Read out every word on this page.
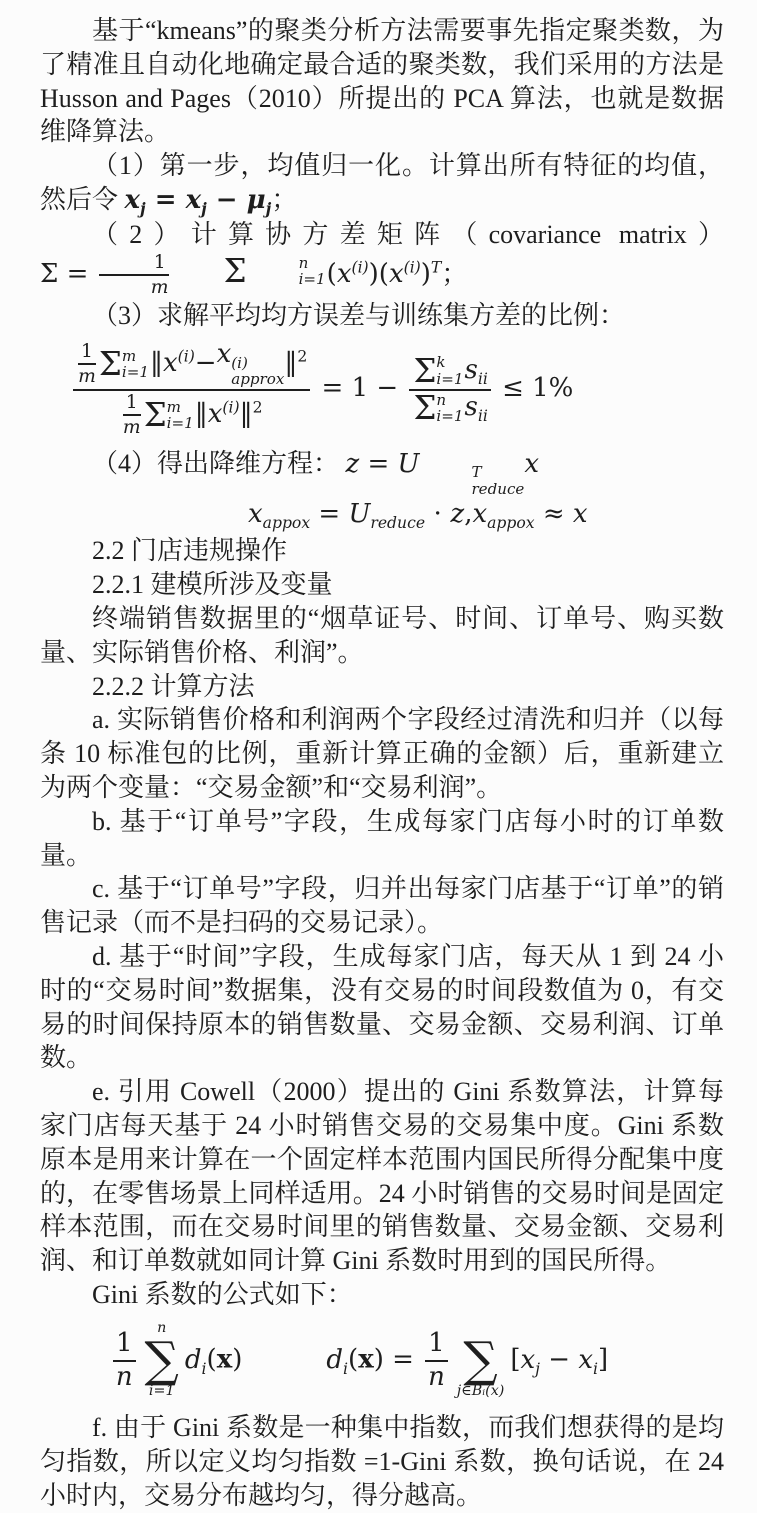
基于“kmeans”的聚类分析方法需要事先指定聚类数，为了精准且自动化地确定最合适的聚类数，我们采用的方法是 Husson and Pages（2010）所提出的 PCA 算法，也就是数据维降算法。

（1）第一步，均值归一化。计算出所有特征的均值，然后令 $x_j = x_j - \mu_j$；

（2）计算协方差矩阵（covariance matrix）Σ = $\frac{1}{m}$	Σ	n
i=1 $(x^{(i)})(x^{(i)})^T$；

（3）求解平均均方误差与训练集方差的比例：

$\frac{1}{m}$ Σ m
i=1 ‖ $x^{(i)} - x$ (i)
approx
‖$^2$
$\frac{1}{m}$ Σ m
i=1 ‖ $x^{(i)}$ ‖$^2$ = 1 − Σ k
i=1 $s_{ii}$
Σ n
i=1 $s_{ii} \le 1\%$

（4）得出降维方程： z = U	T
reduce
x

$x_{appox} = U_{reduce} \cdot z,x_{appox} \approx x$

2.2 门店违规操作

2.2.1 建模所涉及变量

终端销售数据里的“烟草证号、时间、订单号、购买数量、实际销售价格、利润”。

2.2.2 计算方法

a. 实际销售价格和利润两个字段经过清洗和归并（以每条 10 标准包的比例，重新计算正确的金额）后，重新建立为两个变量：“交易金额”和“交易利润”。

b. 基于“订单号”字段，生成每家门店每小时的订单数量。

c. 基于“订单号”字段，归并出每家门店基于“订单”的销售记录（而不是扫码的交易记录）。

d. 基于“时间”字段，生成每家门店，每天从 1 到 24 小时的“交易时间”数据集，没有交易的时间段数值为 0，有交易的时间保持原本的销售数量、交易金额、交易利润、订单数。

e. 引用 Cowell（2000）提出的 Gini 系数算法，计算每家门店每天基于 24 小时销售交易的交易集中度。Gini 系数原本是用来计算在一个固定样本范围内国民所得分配集中度的，在零售场景上同样适用。24 小时销售的交易时间是固定样本范围，而在交易时间里的销售数量、交易金额、交易利润、和订单数就如同计算 Gini 系数时用到的国民所得。

Gini 系数的公式如下：

$\frac{1}{n}$
n
∑
i=1
$d_i(x)$	$d_i(x) = \frac{1}{n}$
∑
j∈Bᵢ(x)
$[x_j - x_i]$

f. 由于 Gini 系数是一种集中指数，而我们想获得的是均匀指数，所以定义均匀指数 =1-Gini 系数，换句话说，在 24 小时内，交易分布越均匀，得分越高。
